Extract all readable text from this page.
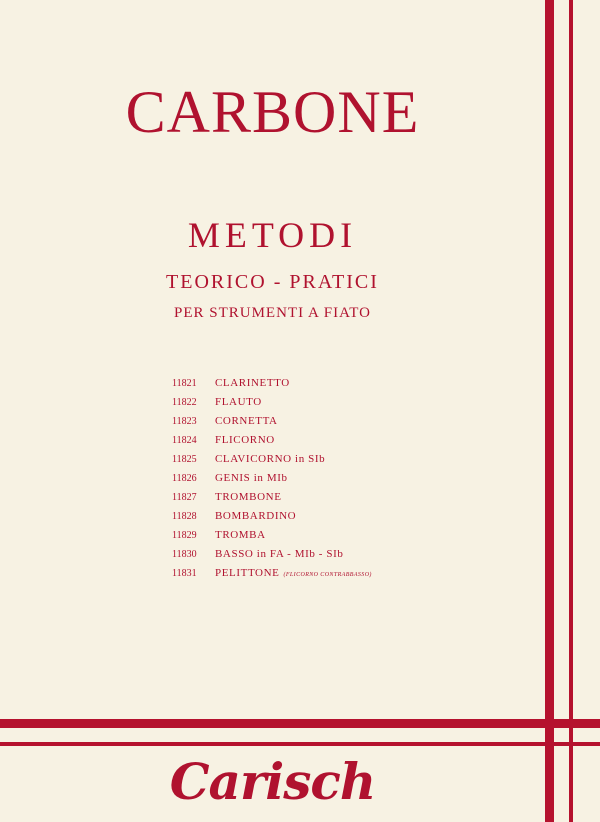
CARBONE
METODI
TEORICO - PRATICI
PER STRUMENTI A FIATO
11821 CLARINETTO
11822 FLAUTO
11823 CORNETTA
11824 FLICORNO
11825 CLAVICORNO in SIb
11826 GENIS in MIb
11827 TROMBONE
11828 BOMBARDINO
11829 TROMBA
11830 BASSO in FA - MIb - SIb
11831 PELITTONE (FLICORNO CONTRABBASSO)
Carisch
